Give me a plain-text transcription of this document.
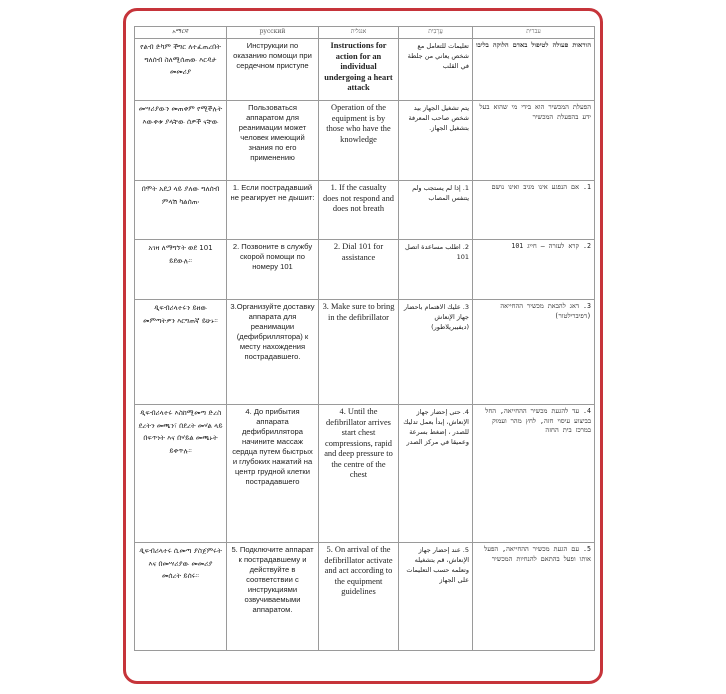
አማርኛ	русский	אנגלית	עֲרָבִית	עברית
የልብ ድካም ችግር ለተፈጠረበት ግለሰብ ስለሚሰጠው እርዳታ መመሪያ	Инструкции по оказанию помощи при сердечном приступе	Instructions for action for an individual undergoing a heart attack	تعليمات للتعامل مع شخص يعاني من جلطة في القلب	הוראות פעולה לטיפול באדם הלוקה בליבו
መሣሪያውን መጠቀም የሚችሉት እውቀቱ ያላቸው ሰዎች ናቸው	Пользоваться аппаратом для реанимации может человек имеющий знания по его применению	Operation of the equipment is by those who have the knowledge	يتم تشغيل الجهاز بيد شخص صاحب المعرفة بتشغيل الجهاز.	הפעלת המכשיר הוא בידי מי שהוא בעל ידע בהפעלת המכשיר
በሞት አደጋ ላይ ያለው ግለሰብ ምላሽ ካልሰጠ፡	1. Если пострадавший не реагирует не дышит:	1. If the casualty does not respond and does not breath	1. إذا لم يستجب ولم يتنفس المصاب	1. אם הנפגע אינו מגיב ואינו נושם
አገዛ ለማግኘት ወደ 101 ይደውሉ።	2. Позвоните в службу скорой помощи по номеру 101	2. Dial 101 for assistance	2. اطلب مساعدة اتصل 101	2. קרא לעזרה – חייג 101
ዲፍብሪላተሩን ይዘው መምጣትዎን እርግጠኛ ይሁኑ።	3.Организуйте доставку аппарата для реанимации (дефибриллятора) к месту нахождения пострадавшего.	3. Make sure to bring in the defibrillator	3. عليك الاهتمام باحضار جهاز الإنعاش (ديفيبريلاطور)	3. דאג להבאת מכשיר ההחייאה (דפיברילטור)
ዲፍብሪላተሩ እስከሚመጣ ድረስ ደረትን መጫን፣ በደረት መሃል ላይ በፍጥነት እና በሃይል መጫኑት ይቀጥሉ።	4. До прибытия аппарата дефибриллятора начините массаж сердца путем быстрых и глубоких нажатий на центр грудной клетки пострадавшего	4. Until the defibrillator arrives start chest compressions, rapid and deep pressure to the centre of the chest	4. حتى إحضار جهاز الإنعاش، إبدأ بعمل تدليك للصدر ، إضغط بسرعة وعميقا في مركز الصدر	4. עד להגעת מכשיר ההחייאה, החל בביצוע עיסוי חזה, לחץ מהר ועמוק במרכז בית החזה
ዲፍብሪላተሩ ሲመጣ ያስጀምሩት እና በመሣሪያው መመሪያ መሰረት ይሰሩ።	5. Подключите аппарат к пострадавшему и действуйте в соответствии с инструкциями озвучиваемыми аппаратом.	5. On arrival of the defibrillator activate and act according to the equipment guidelines	5. عند إحضار جهاز الإنعاش، قم بتشغيله وتعلمه حسب التعليمات على الجهاز	5. עם הגעת מכשיר ההחייאה, הפעל אותו ופעל בהתאם להנחיות המכשיר
